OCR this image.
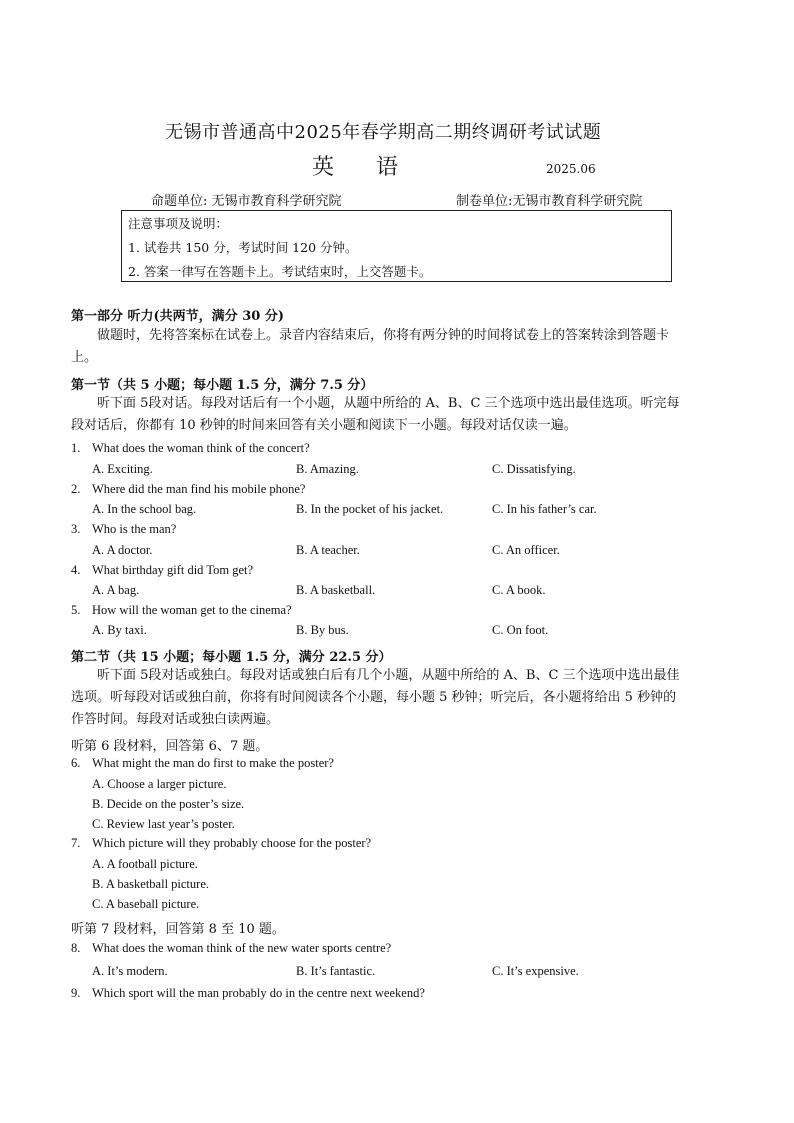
无锡市普通高中2025年春学期高二期终调研考试试题
英 语	2025.06
命题单位: 无锡市教育科学研究院	制卷单位:无锡市教育科学研究院
注意事项及说明：
1. 试卷共 150 分，考试时间 120 分钟。
2. 答案一律写在答题卡上。考试结束时，上交答题卡。
第一部分 听力(共两节，满分 30 分)
做题时，先将答案标在试卷上。录音内容结束后，你将有两分钟的时间将试卷上的答案转涂到答题卡
上。
第一节（共 5 小题；每小题 1.5 分，满分 7.5 分）
听下面 5段对话。每段对话后有一个小题，从题中所给的 A、B、C 三个选项中选出最佳选项。听完每
段对话后，你都有 10 秒钟的时间来回答有关小题和阅读下一小题。每段对话仅读一遍。
1. What does the woman think of the concert?
A. Exciting.	B. Amazing.	C. Dissatisfying.
2. Where did the man find his mobile phone?
A. In the school bag.	B. In the pocket of his jacket.	C. In his father’s car.
3. Who is the man?
A. A doctor.	B. A teacher.	C. An officer.
4. What birthday gift did Tom get?
A. A bag.	B. A basketball.	C. A book.
5. How will the woman get to the cinema?
A. By taxi.	B. By bus.	C. On foot.
第二节（共 15 小题；每小题 1.5 分，满分 22.5 分）
听下面 5段对话或独白。每段对话或独白后有几个小题，从题中所给的 A、B、C 三个选项中选出最佳
选项。听每段对话或独白前，你将有时间阅读各个小题，每小题 5 秒钟；听完后，各小题将给出 5 秒钟的
作答时间。每段对话或独白读两遍。
听第 6 段材料，回答第 6、7 题。
6. What might the man do first to make the poster?
A. Choose a larger picture.
B. Decide on the poster’s size.
C. Review last year’s poster.
7. Which picture will they probably choose for the poster?
A. A football picture.
B. A basketball picture.
C. A baseball picture.
听第 7 段材料，回答第 8 至 10 题。
8. What does the woman think of the new water sports centre?
A. It’s modern.	B. It’s fantastic.	C. It’s expensive.
9. Which sport will the man probably do in the centre next weekend?
